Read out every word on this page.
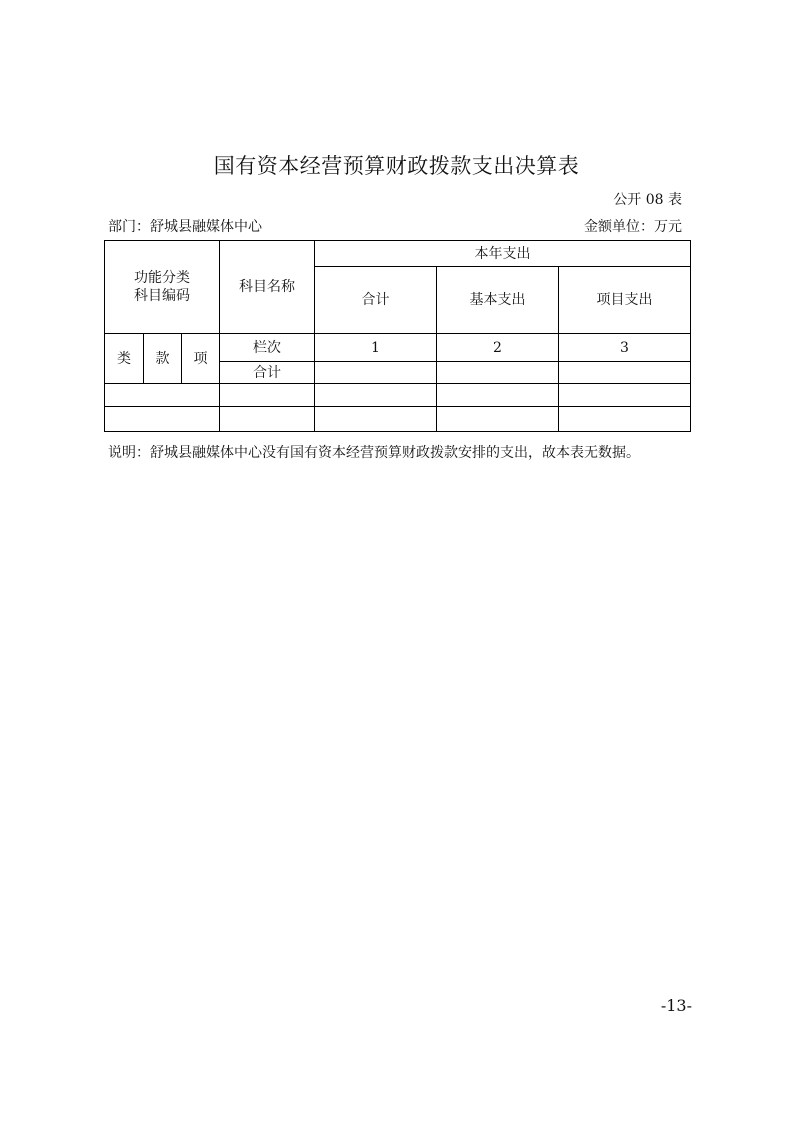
国有资本经营预算财政拨款支出决算表
公开 08 表
部门：舒城县融媒体中心	金额单位：万元
功能分类
科目编码			科目名称	本年支出		
				合计	基本支出	项目支出
类	款	项	栏次	1	2	3
			合计			

说明：舒城县融媒体中心没有国有资本经营预算财政拨款安排的支出，故本表无数据。
-13-
